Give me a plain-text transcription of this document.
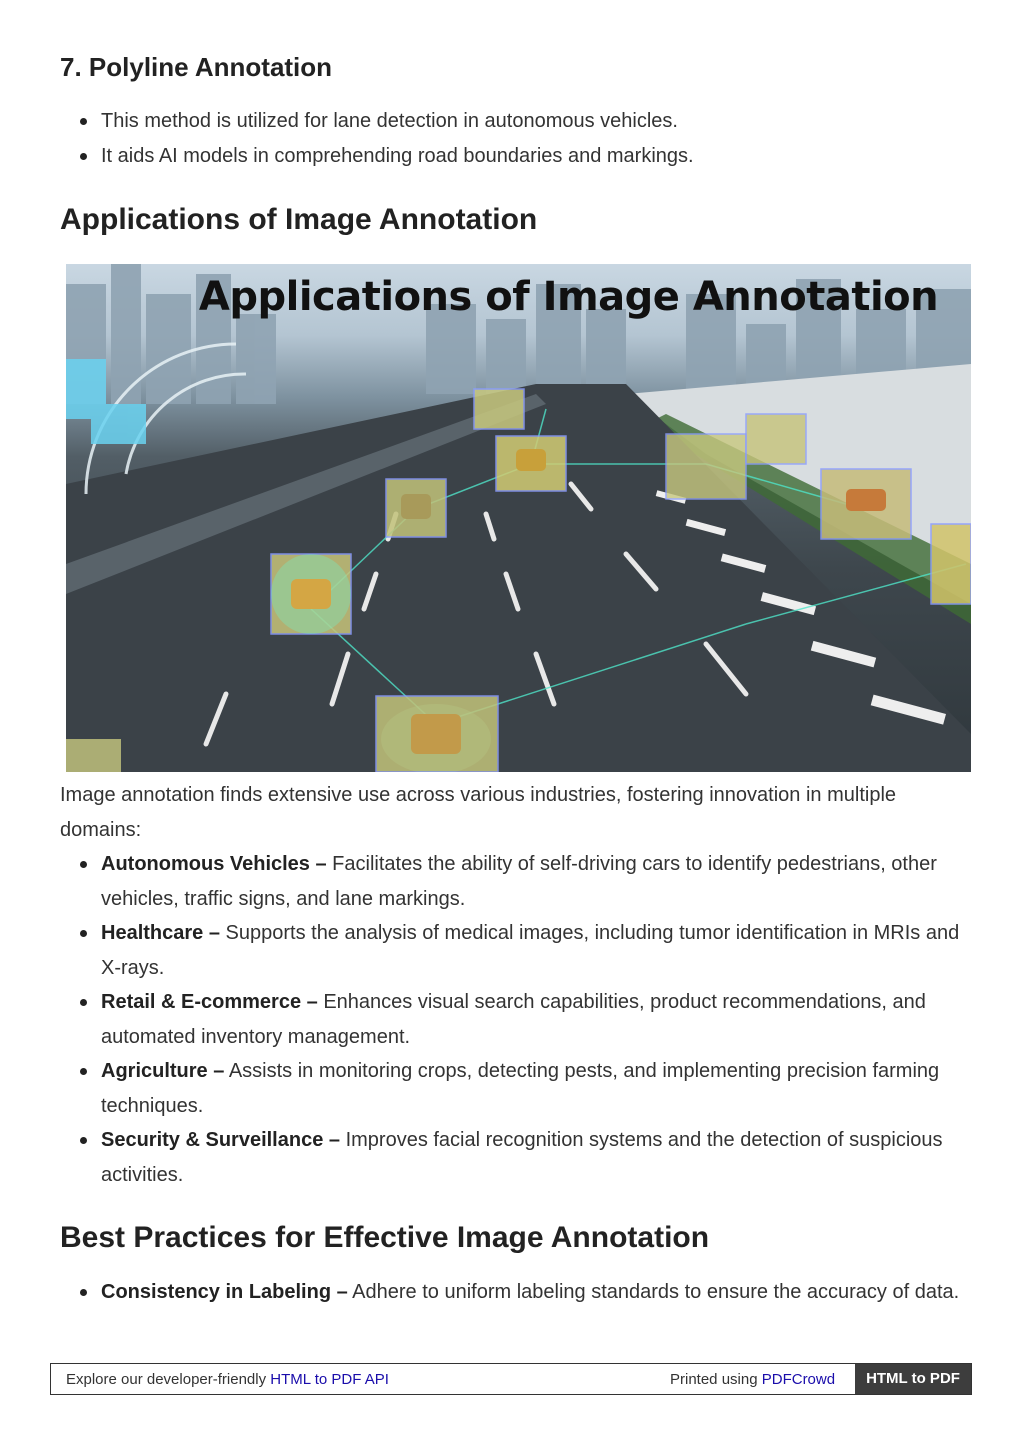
7. Polyline Annotation
This method is utilized for lane detection in autonomous vehicles.
It aids AI models in comprehending road boundaries and markings.
Applications of Image Annotation
Applications of Image Annotation

Image annotation finds extensive use across various industries, fostering innovation in multiple domains:

Autonomous Vehicles – Facilitates the ability of self-driving cars to identify pedestrians, other vehicles, traffic signs, and lane markings.
Healthcare – Supports the analysis of medical images, including tumor identification in MRIs and X-rays.
Retail & E-commerce – Enhances visual search capabilities, product recommendations, and automated inventory management.
Agriculture – Assists in monitoring crops, detecting pests, and implementing precision farming techniques.
Security & Surveillance – Improves facial recognition systems and the detection of suspicious activities.
Best Practices for Effective Image Annotation
Consistency in Labeling – Adhere to uniform labeling standards to ensure the accuracy of data.
Explore our developer-friendly HTML to PDF API	Printed using PDFCrowd	HTML to PDF
